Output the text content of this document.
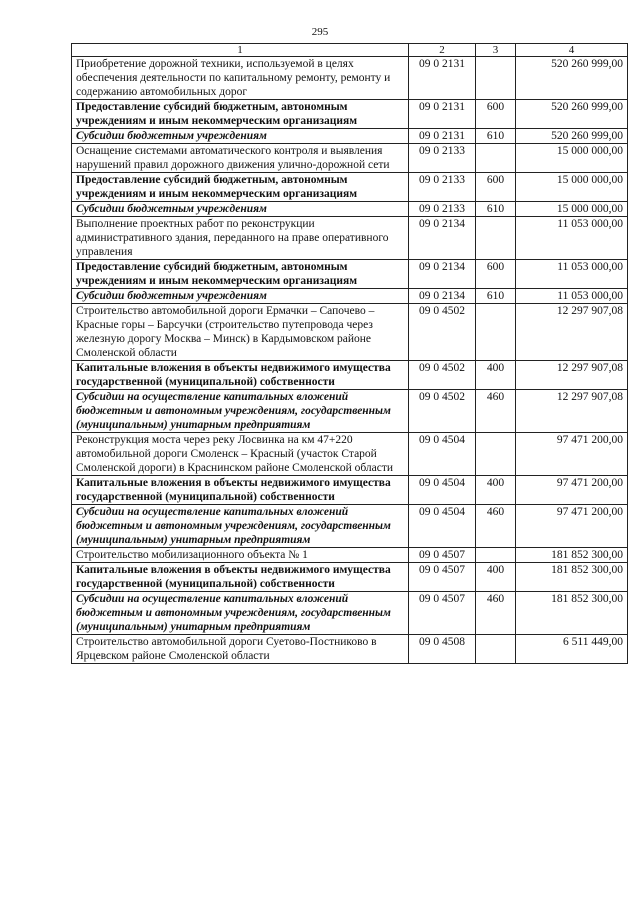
295
1	2	3	4
Приобретение дорожной техники, используемой в целях обеспечения деятельности по капитальному ремонту, ремонту и содержанию автомобильных дорог	09 0 2131		520 260 999,00
Предоставление субсидий бюджетным, автономным учреждениям и иным некоммерческим организациям	09 0 2131	600	520 260 999,00
Субсидии бюджетным учреждениям	09 0 2131	610	520 260 999,00
Оснащение системами автоматического контроля и выявления нарушений правил дорожного движения улично-дорожной сети	09 0 2133		15 000 000,00
Предоставление субсидий бюджетным, автономным учреждениям и иным некоммерческим организациям	09 0 2133	600	15 000 000,00
Субсидии бюджетным учреждениям	09 0 2133	610	15 000 000,00
Выполнение проектных работ по реконструкции административного здания, переданного на праве оперативного управления	09 0 2134		11 053 000,00
Предоставление субсидий бюджетным, автономным учреждениям и иным некоммерческим организациям	09 0 2134	600	11 053 000,00
Субсидии бюджетным учреждениям	09 0 2134	610	11 053 000,00
Строительство автомобильной дороги Ермачки – Сапочево – Красные горы – Барсучки (строительство путепровода через железную дорогу Москва – Минск) в Кардымовском районе Смоленской области	09 0 4502		12 297 907,08
Капитальные вложения в объекты недвижимого имущества государственной (муниципальной) собственности	09 0 4502	400	12 297 907,08
Субсидии на осуществление капитальных вложений бюджетным и автономным учреждениям, государственным (муниципальным) унитарным предприятиям	09 0 4502	460	12 297 907,08
Реконструкция моста через реку Лосвинка на км 47+220 автомобильной дороги Смоленск – Красный (участок Старой Смоленской дороги) в Краснинском районе Смоленской области	09 0 4504		97 471 200,00
Капитальные вложения в объекты недвижимого имущества государственной (муниципальной) собственности	09 0 4504	400	97 471 200,00
Субсидии на осуществление капитальных вложений бюджетным и автономным учреждениям, государственным (муниципальным) унитарным предприятиям	09 0 4504	460	97 471 200,00
Строительство мобилизационного объекта № 1	09 0 4507		181 852 300,00
Капитальные вложения в объекты недвижимого имущества государственной (муниципальной) собственности	09 0 4507	400	181 852 300,00
Субсидии на осуществление капитальных вложений бюджетным и автономным учреждениям, государственным (муниципальным) унитарным предприятиям	09 0 4507	460	181 852 300,00
Строительство автомобильной дороги Суетово-Постниково в Ярцевском районе Смоленской области	09 0 4508		6 511 449,00
